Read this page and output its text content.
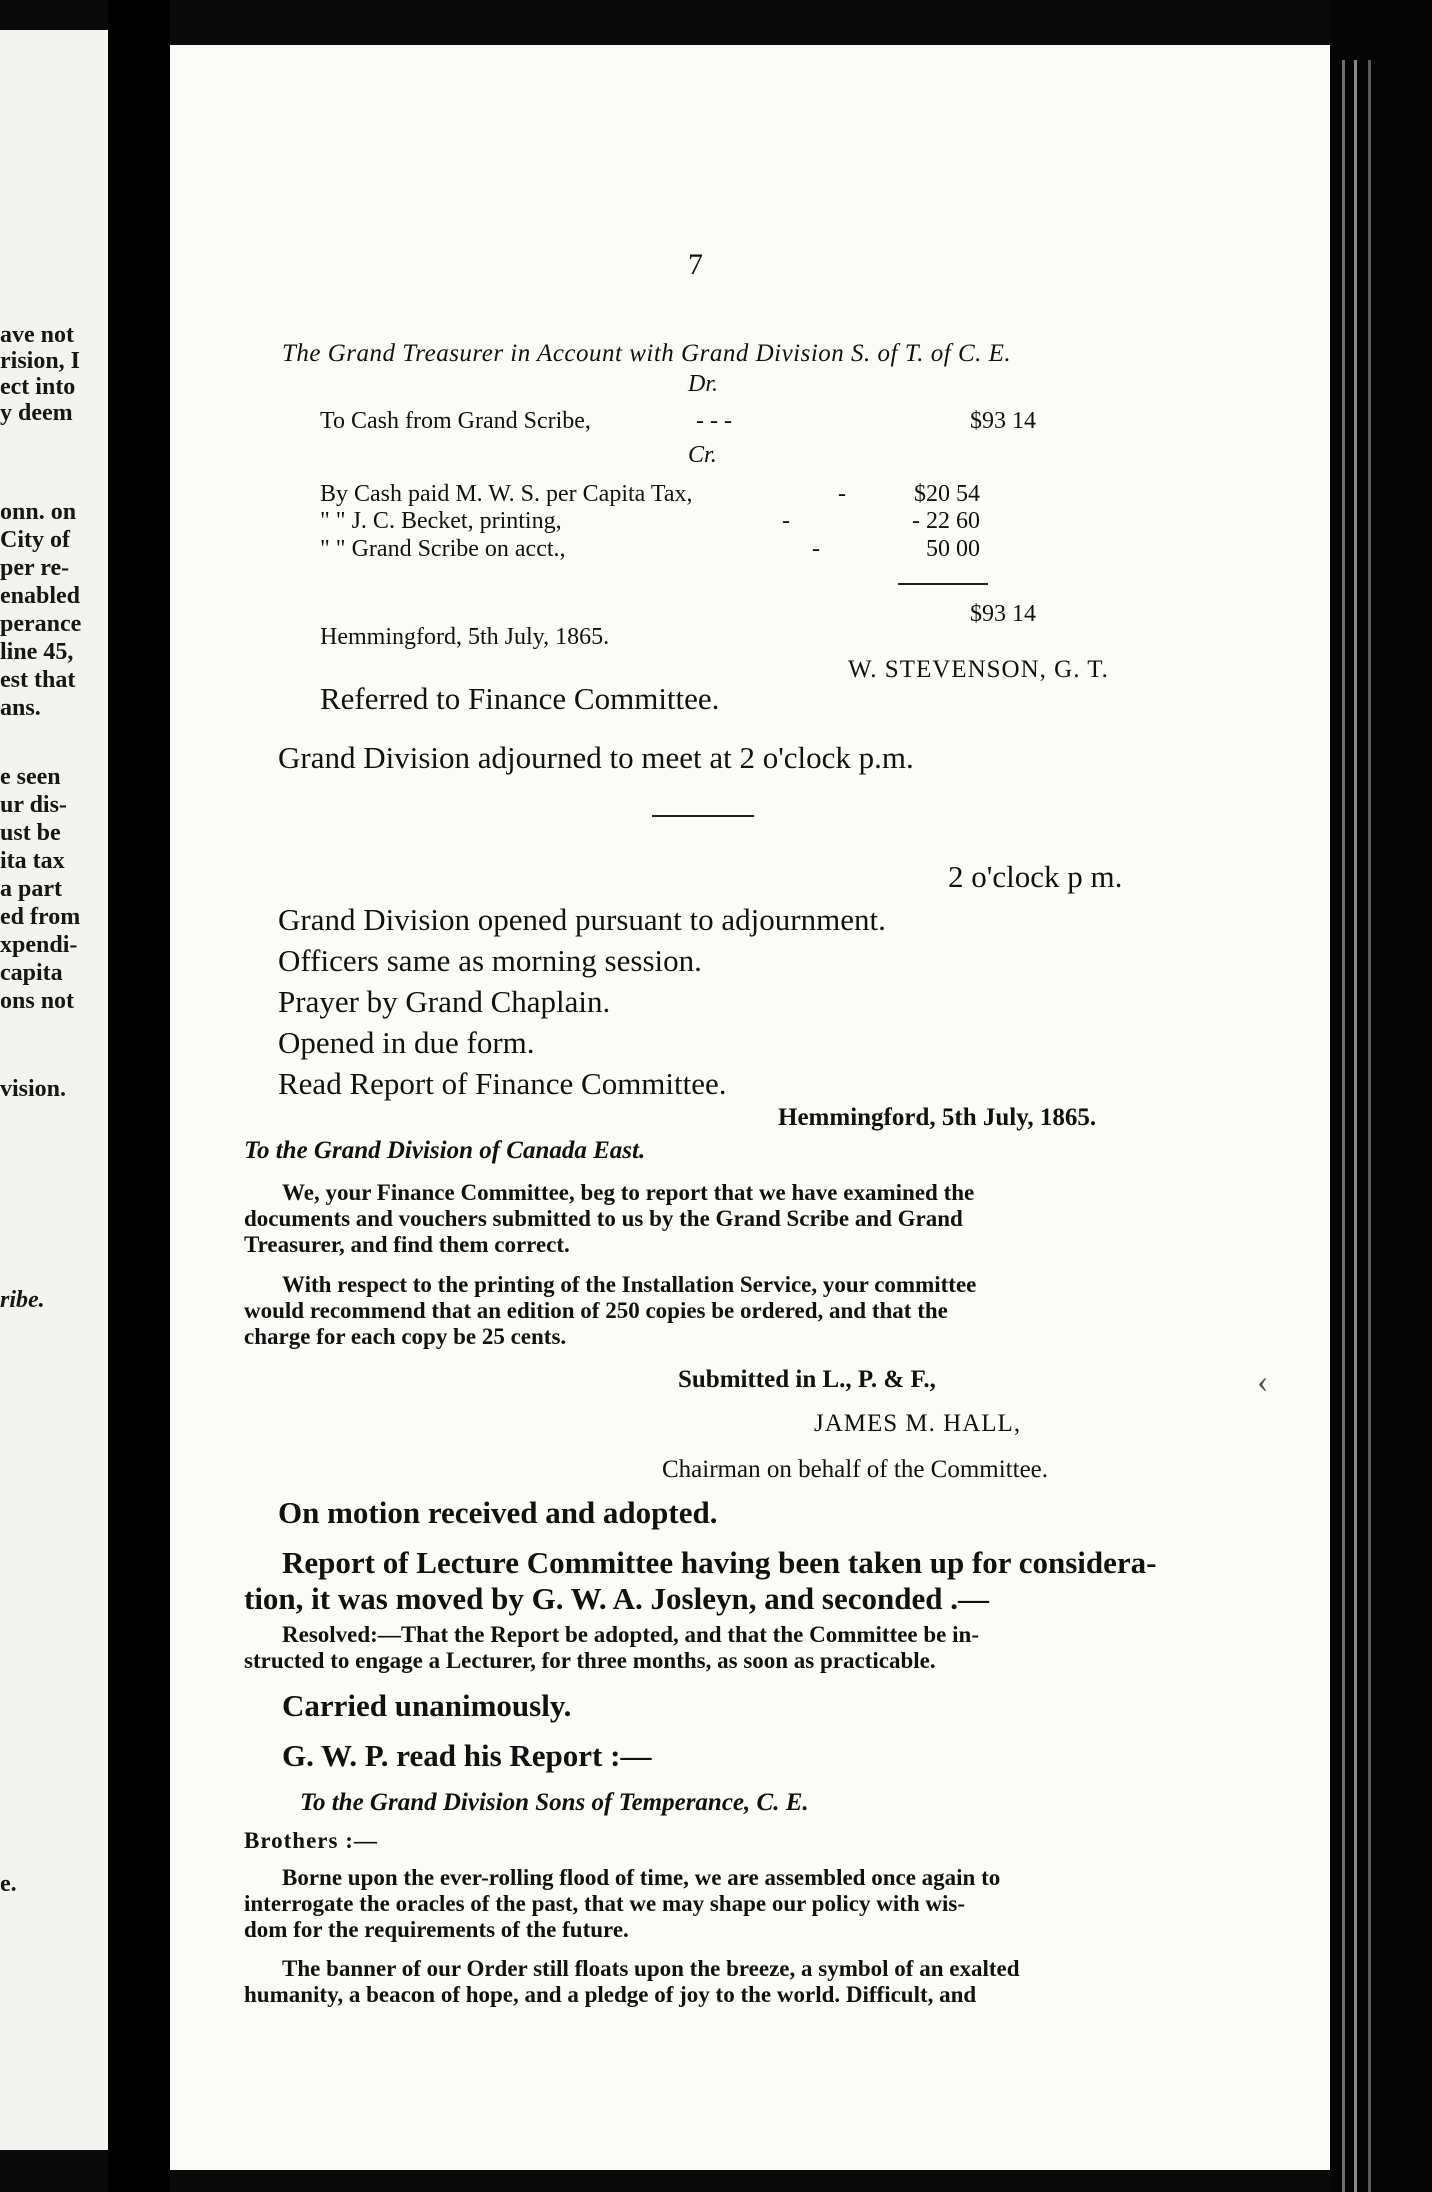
ave not
rision, I
ect into
y deem
onn. on
City of
per re-
enabled
perance
line 45,
est that
ans.
e seen
ur dis-
ust be
ita tax
a part
ed from
xpendi-
capita
ons not
vision.
ribe.
e.
7
The Grand Treasurer in Account with Grand Division S. of T. of C. E.
Dr.
To Cash from Grand Scribe,	- - -	$93 14
Cr.
By Cash paid M. W. S. per Capita Tax,	-	$20 54
" " J. C. Becket, printing,	-	- 22 60
" " Grand Scribe on acct.,	-	50 00
$93 14
Hemmingford, 5th July, 1865.
W. STEVENSON, G. T.
Referred to Finance Committee.
Grand Division adjourned to meet at 2 o'clock p.m.
2 o'clock p m.
Grand Division opened pursuant to adjournment.
Officers same as morning session.
Prayer by Grand Chaplain.
Opened in due form.
Read Report of Finance Committee.
Hemmingford, 5th July, 1865.
To the Grand Division of Canada East.
We, your Finance Committee, beg to report that we have examined the
documents and vouchers submitted to us by the Grand Scribe and Grand
Treasurer, and find them correct.
With respect to the printing of the Installation Service, your committee
would recommend that an edition of 250 copies be ordered, and that the
charge for each copy be 25 cents.
Submitted in L., P. & F.,
JAMES M. HALL,
Chairman on behalf of the Committee.
On motion received and adopted.
Report of Lecture Committee having been taken up for considera-
tion, it was moved by G. W. A. Josleyn, and seconded .—
Resolved:—That the Report be adopted, and that the Committee be in-
structed to engage a Lecturer, for three months, as soon as practicable.
Carried unanimously.
G. W. P. read his Report :—
To the Grand Division Sons of Temperance, C. E.
Brothers :—
Borne upon the ever-rolling flood of time, we are assembled once again to
interrogate the oracles of the past, that we may shape our policy with wis-
dom for the requirements of the future.
The banner of our Order still floats upon the breeze, a symbol of an exalted
humanity, a beacon of hope, and a pledge of joy to the world. Difficult, and
‹
